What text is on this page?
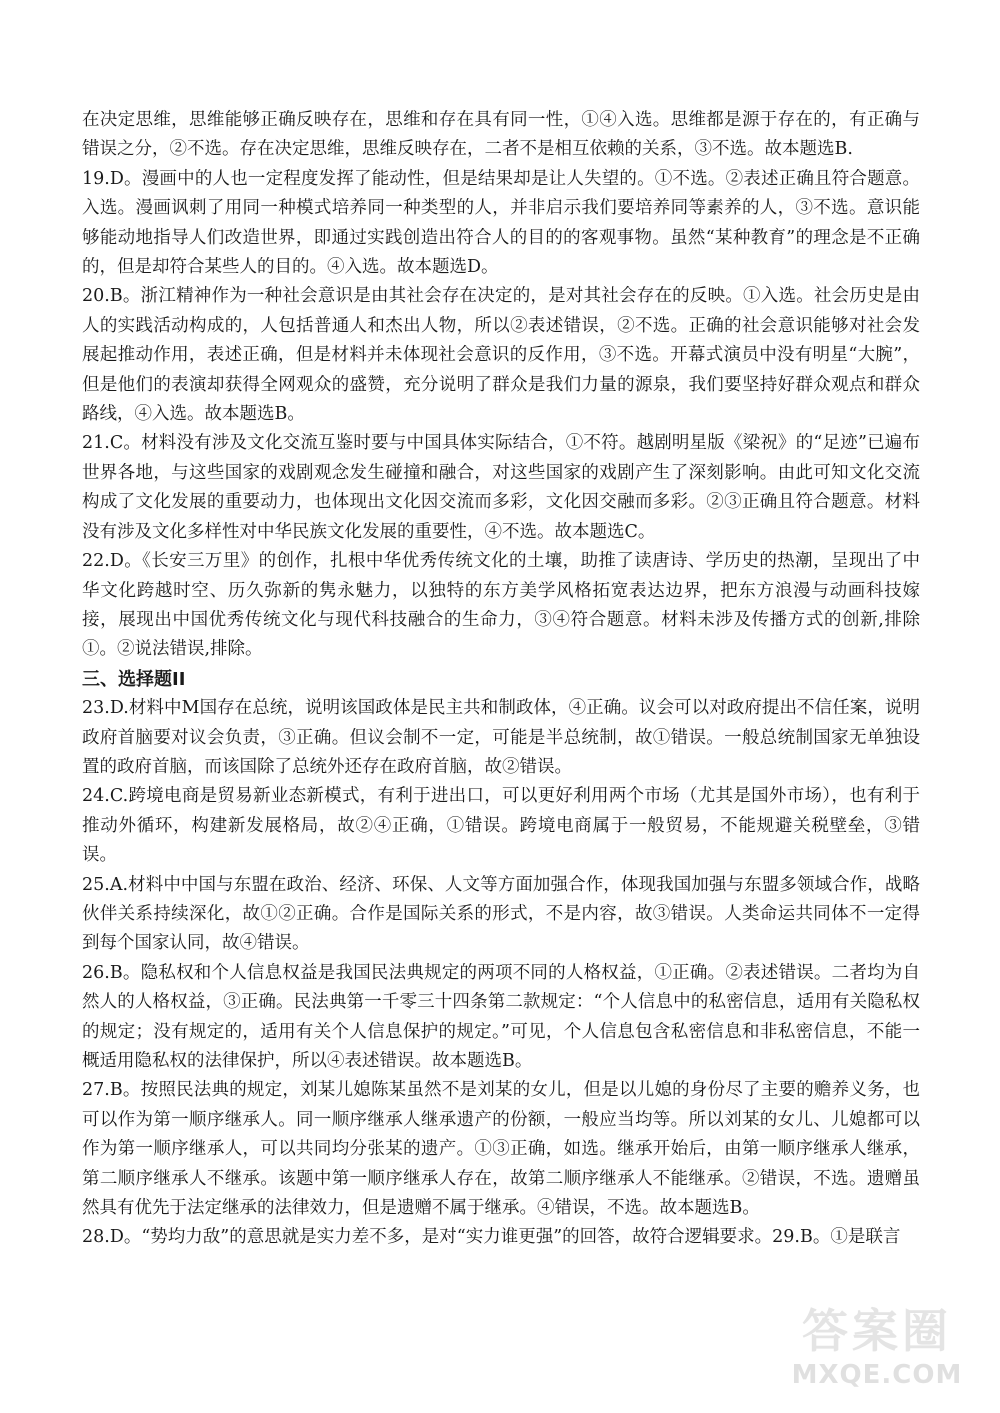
在决定思维，思维能够正确反映存在，思维和存在具有同一性，①④入选。思维都是源于存在的，有正确与错误之分，②不选。存在决定思维，思维反映存在，二者不是相互依赖的关系，③不选。故本题选B.

19.D。漫画中的人也一定程度发挥了能动性，但是结果却是让人失望的。①不选。②表述正确且符合题意。入选。漫画讽刺了用同一种模式培养同一种类型的人，并非启示我们要培养同等素养的人，③不选。意识能够能动地指导人们改造世界，即通过实践创造出符合人的目的的客观事物。虽然“某种教育”的理念是不正确的，但是却符合某些人的目的。④入选。故本题选D。

20.B。浙江精神作为一种社会意识是由其社会存在决定的，是对其社会存在的反映。①入选。社会历史是由人的实践活动构成的，人包括普通人和杰出人物，所以②表述错误，②不选。正确的社会意识能够对社会发展起推动作用，表述正确，但是材料并未体现社会意识的反作用，③不选。开幕式演员中没有明星“大腕”，但是他们的表演却获得全网观众的盛赞，充分说明了群众是我们力量的源泉，我们要坚持好群众观点和群众路线，④入选。故本题选B。

21.C。材料没有涉及文化交流互鉴时要与中国具体实际结合，①不符。越剧明星版《梁祝》的“足迹”已遍布世界各地，与这些国家的戏剧观念发生碰撞和融合，对这些国家的戏剧产生了深刻影响。由此可知文化交流构成了文化发展的重要动力，也体现出文化因交流而多彩，文化因交融而多彩。②③正确且符合题意。材料没有涉及文化多样性对中华民族文化发展的重要性，④不选。故本题选C。

22.D。《长安三万里》的创作，扎根中华优秀传统文化的土壤，助推了读唐诗、学历史的热潮，呈现出了中华文化跨越时空、历久弥新的隽永魅力，以独特的东方美学风格拓宽表达边界，把东方浪漫与动画科技嫁接，展现出中国优秀传统文化与现代科技融合的生命力，③④符合题意。材料未涉及传播方式的创新,排除①。②说法错误,排除。

三、选择题II

23.D.材料中M国存在总统，说明该国政体是民主共和制政体，④正确。议会可以对政府提出不信任案，说明政府首脑要对议会负责，③正确。但议会制不一定，可能是半总统制，故①错误。一般总统制国家无单独设置的政府首脑，而该国除了总统外还存在政府首脑，故②错误。

24.C.跨境电商是贸易新业态新模式，有利于进出口，可以更好利用两个市场（尤其是国外市场），也有利于推动外循环，构建新发展格局，故②④正确，①错误。跨境电商属于一般贸易，不能规避关税壁垒，③错误。

25.A.材料中中国与东盟在政治、经济、环保、人文等方面加强合作，体现我国加强与东盟多领域合作，战略伙伴关系持续深化，故①②正确。合作是国际关系的形式，不是内容，故③错误。人类命运共同体不一定得到每个国家认同，故④错误。

26.B。隐私权和个人信息权益是我国民法典规定的两项不同的人格权益，①正确。②表述错误。二者均为自然人的人格权益，③正确。民法典第一千零三十四条第二款规定：“个人信息中的私密信息，适用有关隐私权的规定；没有规定的，适用有关个人信息保护的规定。”可见，个人信息包含私密信息和非私密信息，不能一概适用隐私权的法律保护，所以④表述错误。故本题选B。

27.B。按照民法典的规定，刘某儿媳陈某虽然不是刘某的女儿，但是以儿媳的身份尽了主要的赡养义务，也可以作为第一顺序继承人。同一顺序继承人继承遗产的份额，一般应当均等。所以刘某的女儿、儿媳都可以作为第一顺序继承人，可以共同均分张某的遗产。①③正确，如选。继承开始后，由第一顺序继承人继承，第二顺序继承人不继承。该题中第一顺序继承人存在，故第二顺序继承人不能继承。②错误，不选。遗赠虽然具有优先于法定继承的法律效力，但是遗赠不属于继承。④错误，不选。故本题选B。

28.D。“势均力敌”的意思就是实力差不多，是对“实力谁更强”的回答，故符合逻辑要求。29.B。①是联言

答案圈
MXQE.COM
